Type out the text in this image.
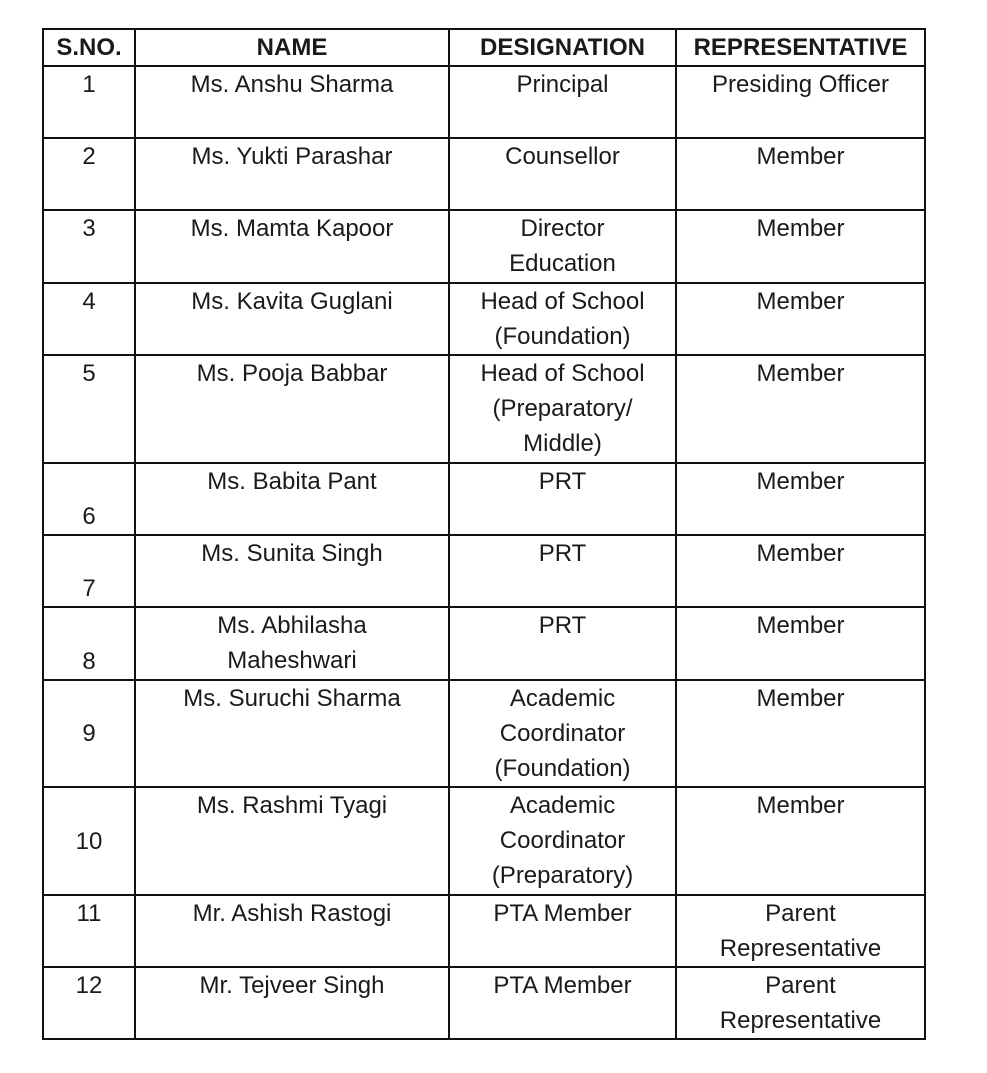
S.NO.	NAME	DESIGNATION	REPRESENTATIVE
1	Ms. Anshu Sharma	Principal	Presiding Officer

2	Ms. Yukti Parashar	Counsellor	Member

3	Ms. Mamta Kapoor	Director
Education	Member

4	Ms. Kavita Guglani	Head of School
(Foundation)	Member

5	Ms. Pooja Babbar	Head of School
(Preparatory/
Middle)	Member

6	Ms. Babita Pant	PRT	Member

7	Ms. Sunita Singh	PRT	Member

8	Ms. Abhilasha
Maheshwari	PRT	Member

9	Ms. Suruchi Sharma	Academic
Coordinator
(Foundation)	Member

10	Ms. Rashmi Tyagi	Academic
Coordinator
(Preparatory)	Member

11	Mr. Ashish Rastogi	PTA Member	Parent
Representative

12	Mr. Tejveer Singh	PTA Member	Parent
Representative
